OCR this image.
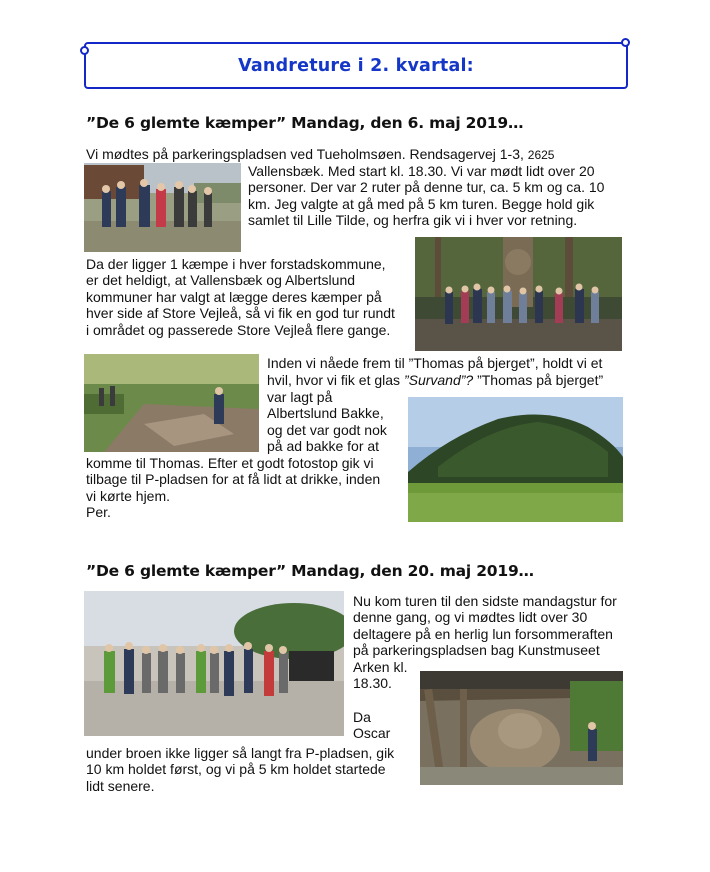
Vandreture i 2. kvartal:
”De 6 glemte kæmper” Mandag, den 6. maj 2019…
Vi mødtes på parkeringspladsen ved Tueholmsøen. Rendsagervej 1-3, 2625
Vallensbæk. Med start kl. 18.30. Vi var mødt lidt over 20
personer. Der var 2 ruter på denne tur, ca. 5 km og ca. 10
km. Jeg valgte at gå med på 5 km turen. Begge hold gik
samlet til Lille Tilde, og herfra gik vi i hver vor retning.
Da der ligger 1 kæmpe i hver forstadskommune,
er det heldigt, at Vallensbæk og Albertslund
kommuner har valgt at lægge deres kæmper på
hver side af Store Vejleå, så vi fik en god tur rundt
i området og passerede Store Vejleå flere gange.
Inden vi nåede frem til ”Thomas på bjerget”, holdt vi et
hvil, hvor vi fik et glas ”Survand”? ”Thomas på bjerget”
var lagt på
Albertslund Bakke,
og det var godt nok
på ad bakke for at
komme til Thomas. Efter et godt fotostop gik vi
tilbage til P-pladsen for at få lidt at drikke, inden
vi kørte hjem.
Per.
”De 6 glemte kæmper” Mandag, den 20. maj 2019…
Nu kom turen til den sidste mandagstur for
denne gang, og vi mødtes lidt over 30
deltagere på en herlig lun forsommeraften
på parkeringspladsen bag Kunstmuseet
Arken kl.
18.30.
Da
Oscar
under broen ikke ligger så langt fra P-pladsen, gik
10 km holdet først, og vi på 5 km holdet startede
lidt senere.
